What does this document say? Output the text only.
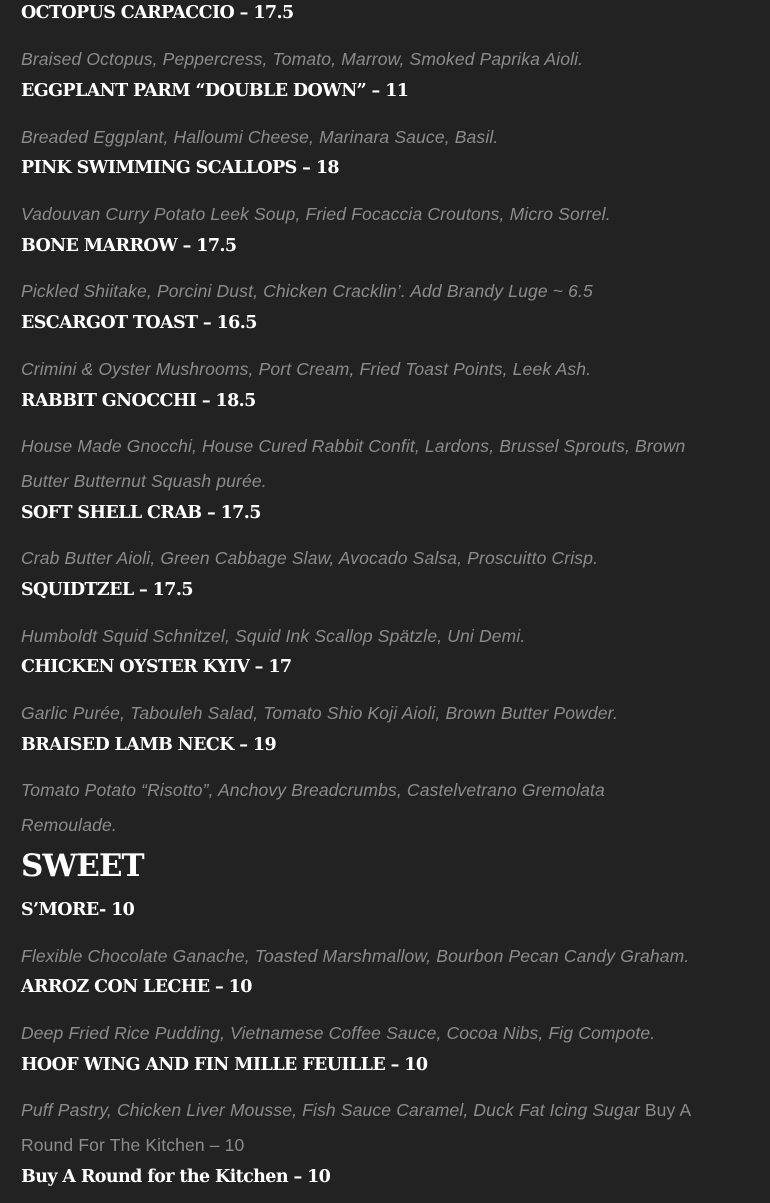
OCTOPUS CARPACCIO – 17.5

Braised Octopus, Peppercress, Tomato, Marrow, Smoked Paprika Aioli.

EGGPLANT PARM “DOUBLE DOWN” – 11

Breaded Eggplant, Halloumi Cheese, Marinara Sauce, Basil.

PINK SWIMMING SCALLOPS – 18

Vadouvan Curry Potato Leek Soup, Fried Focaccia Croutons, Micro Sorrel.

BONE MARROW – 17.5

Pickled Shiitake, Porcini Dust, Chicken Cracklin’. Add Brandy Luge ~ 6.5

ESCARGOT TOAST – 16.5

Crimini & Oyster Mushrooms, Port Cream, Fried Toast Points, Leek Ash.

RABBIT GNOCCHI – 18.5

House Made Gnocchi, House Cured Rabbit Confit, Lardons, Brussel Sprouts, Brown Butter Butternut Squash purée.

SOFT SHELL CRAB – 17.5

Crab Butter Aioli, Green Cabbage Slaw, Avocado Salsa, Proscuitto Crisp.

SQUIDTZEL – 17.5

Humboldt Squid Schnitzel, Squid Ink Scallop Spätzle, Uni Demi.

CHICKEN OYSTER KYIV – 17

Garlic Purée, Tabouleh Salad, Tomato Shio Koji Aioli, Brown Butter Powder.

BRAISED LAMB NECK – 19

Tomato Potato “Risotto”, Anchovy Breadcrumbs, Castelvetrano Gremolata Remoulade.

SWEET
S’MORE- 10

Flexible Chocolate Ganache, Toasted Marshmallow, Bourbon Pecan Candy Graham.

ARROZ CON LECHE – 10

Deep Fried Rice Pudding, Vietnamese Coffee Sauce, Cocoa Nibs, Fig Compote.

HOOF WING AND FIN MILLE FEUILLE – 10

Puff Pastry, Chicken Liver Mousse, Fish Sauce Caramel, Duck Fat Icing Sugar Buy A Round For The Kitchen – 10

Buy A Round for the Kitchen – 10
